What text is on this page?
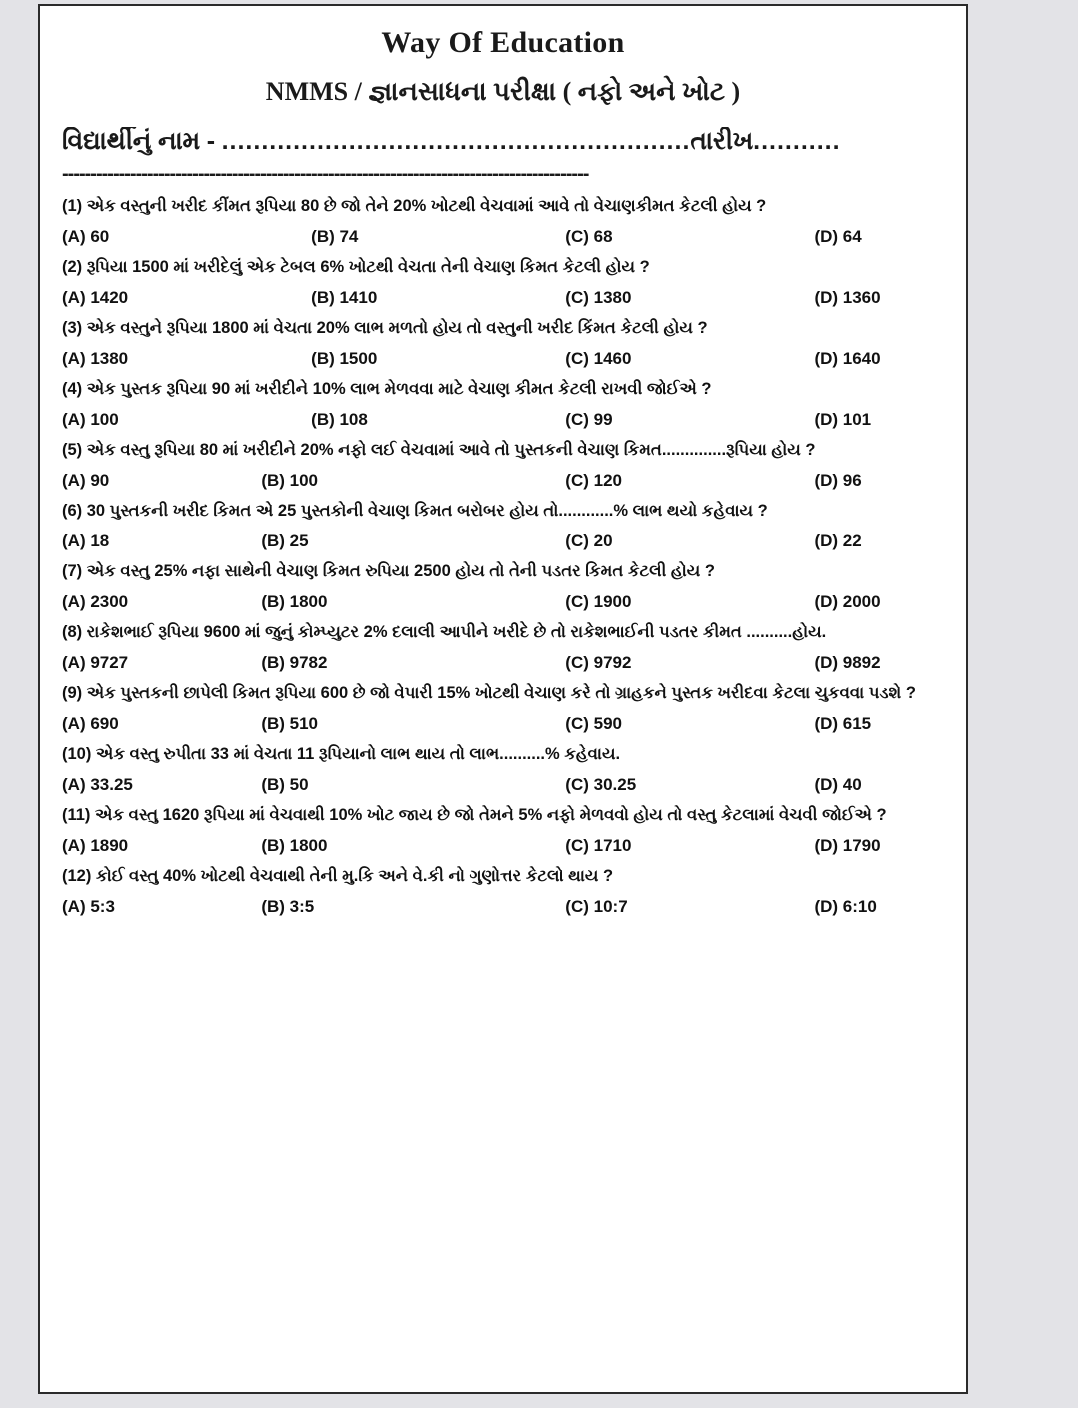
Way Of Education
NMMS / જ્ઞાનસાધના પરીક્ષા ( નફો અને ખોટ )
વિદ્યાર્થીનું નામ - ...........................................................તારીખ...........
---------------------------------------------------------------------------------------------
(1) એક વસ્તુની ખરીદ કીંમત રૂપિયા 80 છે જો તેને 20% ખોટથી વેચવામાં આવે તો વેચાણકીમત કેટલી હોય ?
(A) 60	(B) 74	(C) 68	(D) 64
(2) રૂપિયા 1500 માં ખરીદેલું એક ટેબલ 6% ખોટથી વેચતા તેની વેચાણ કિમત કેટલી હોય ?
(A) 1420	(B) 1410	(C) 1380	(D) 1360
(3) એક વસ્તુને રૂપિયા 1800 માં વેચતા 20% લાભ મળતો હોય તો વસ્તુની ખરીદ કિંમત કેટલી હોય ?
(A) 1380	(B) 1500	(C) 1460	(D) 1640
(4) એક પુસ્તક રૂપિયા 90 માં ખરીદીને 10% લાભ મેળવવા માટે વેચાણ કીમત કેટલી રાખવી જોઈએ ?
(A) 100	(B) 108	(C) 99	(D) 101
(5) એક વસ્તુ રૂપિયા 80 માં ખરીદીને 20% નફો લઈ વેચવામાં આવે તો પુસ્તકની વેચાણ કિમત..............રૂપિયા હોય ?
(A) 90	(B) 100	(C) 120	(D) 96
(6) 30 પુસ્તકની ખરીદ કિમત એ 25 પુસ્તકોની વેચાણ કિમત બરોબર હોય તો............% લાભ થયો કહેવાય ?
(A) 18	(B) 25	(C) 20	(D) 22
(7) એક વસ્તુ 25% નફા સાથેની વેચાણ કિમત રુપિયા 2500 હોય તો તેની પડતર કિમત કેટલી હોય ?
(A) 2300	(B) 1800	(C) 1900	(D) 2000
(8) રાકેશભાઈ રૂપિયા 9600 માં જુનું કોમ્પ્યુટર 2% દલાલી આપીને ખરીદે છે તો રાકેશભાઈની પડતર કીમત ..........હોય.
(A) 9727	(B) 9782	(C) 9792	(D) 9892
(9) એક પુસ્તકની છાપેલી કિમત રૂપિયા 600 છે જો વેપારી 15% ખોટથી વેચાણ કરે તો ગ્રાહકને પુસ્તક ખરીદવા કેટલા ચુકવવા પડશે ?
(A) 690	(B) 510	(C) 590	(D) 615
(10) એક વસ્તુ રુપીતા 33 માં વેચતા 11 રૂપિયાનો લાભ થાય તો લાભ..........% કહેવાય.
(A) 33.25	(B) 50	(C) 30.25	(D) 40
(11) એક વસ્તુ 1620 રૂપિયા માં વેચવાથી 10% ખોટ જાય છે જો તેમને 5% નફો મેળવવો હોય તો વસ્તુ કેટલામાં વેચવી જોઈએ ?
(A) 1890	(B) 1800	(C) 1710	(D) 1790
(12) કોઈ વસ્તુ 40% ખોટથી વેચવાથી તેની મુ.કિ અને વે.કી નો ગુણોત્તર કેટલો થાય ?
(A) 5:3	(B) 3:5	(C) 10:7	(D) 6:10
